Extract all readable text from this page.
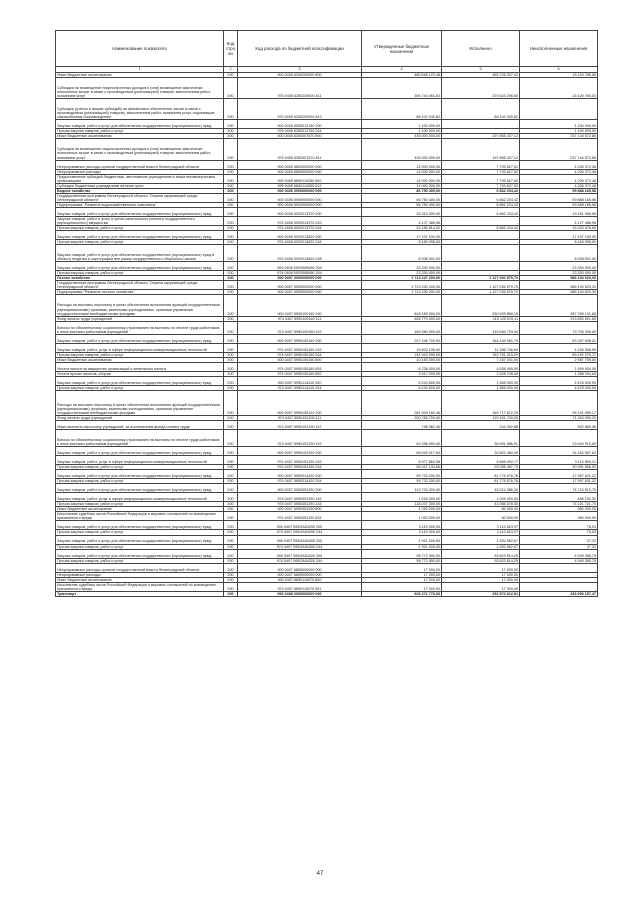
Наименование показателя	Код стро ки	Код расхода по бюджетной классификации	Утвержденные бюджетные назначения	Исполнено	Неисполненные назначения
1	2	3	4	5	6
Иные бюджетные ассигнования	200	000 0405 6350209000 800	480 648 122,48	465 726 337,42	15 120 785,06
Субсидии на возмещение недополученных доходов и (или) возмещение фактически понесенных затрат в связи с производством (реализацией) товаров, выполнением работ, оказанием услуг	200	975 0405 6350209000 811	394 744 061,63	379 623 296,60	15 120 765,03
Субсидии (гранты в форме субсидий) на финансовое обеспечение затрат в связи с производством (реализацией) товаров), выполнением работ, оказанием услуг, подлежащие казначейскому сопровождению	200	975 0405 6350209000 813	86 102 040,82	86 102 040,82	-
Закупка товаров, работ и услуг для обеспечения государственных (муниципальных) нужд	200	000 0405 6350013760 200	1 100 000,00	-	1 100 000,00
Прочая закупка товаров, работ и услуг	200	975 0405 6350013760 244	1 100 000,00	-	1 100 000,00
Иные бюджетные ассигнования	200	000 0405 6350407670 800	435 000 000,00	197 855 427,12	237 144 572,88
Субсидии на возмещение недополученных доходов и (или) возмещение фактически понесенных затрат в связи с производством (реализацией) товаров, выполнением работ, оказанием услуг	200	975 0405 6350407670 811	435 000 000,00	197 855 427,12	237 144 572,88
Непрограммные расходы органов государственной власти Ленинградской области	200	000 0405 6800000000 000	12 000 000,00	7 793 627,52	4 206 372,48
Непрограммные расходы	200	000 0405 6890000000 000	12 000 000,00	7 793 627,52	4 206 372,48
Предоставление субсидий бюджетным, автономным учреждениям и иным некоммерческим организациям	200	000 0405 6890110050 600	12 000 000,00	7 793 627,52	4 206 372,48
Субсидии бюджетным учреждениям на иные цели	200	995 0405 6890110050 612	12 000 000,00	7 793 627,52	4 206 372,48
Водное хозяйство	200	000 0406 0000000000 000	86 750 400,00	6 862 234,42	59 888 165,58
Государственная программа Ленинградской области "Охрана окружающей среды Ленинградской области"	200	000 0406 5900000000 000	66 750 400,00	6 862 234,42	59 888 165,58
Подпрограмма "Развитие водохозяйственного комплекса"	200	000 0406 5920000000 000	66 750 400,00	6 862 234,42	59 888 165,58
Закупка товаров, работ и услуг для обеспечения государственных (муниципальных) нужд	200	000 0406 5920213370 200	26 313 300,00	6 862 234,42	19 451 065,58
Закупка товаров, работ и услуг в целях капитального ремонта государственного (муниципального) имущества	200	974 0406 5920213370 243	4 127 486,96	-	4 127 486,96
Прочая закупка товаров, работ и услуг	200	974 0406 5920213370 244	22 185 814,02	6 862 234,42	15 323 578,60
Закупка товаров, работ и услуг для обеспечения государственных (муниципальных) нужд	200	000 0406 5920213620 200	17 107 100,00	-	17 107 100,00
Прочая закупка товаров, работ и услуг	200	974 0406 5920213620 244	8 169 096,00	-	8 169 096,00
Закупка товаров, работ и услуг для обеспечения государственных (муниципальных) нужд в области геодезии и картографии вне рамок государственного оборонного заказа	200	974 0406 5920213620 248	8 938 001,00	-	8 938 001,00
Закупка товаров, работ и услуг для обеспечения государственных (муниципальных) нужд	200	000 0406 5920S85060 200	23 330 000,00	-	23 330 000,00
Прочая закупка товаров, работ и услуг	200	974 0406 5920S85060 244	23 330 000,00	-	23 330 000,00
Лесное хозяйство	200	000 0407 0000000000 000	1 713 247 200,00	1 127 052 579,70	586 194 620,30
Государственная программа Ленинградской области "Охрана окружающей среды Ленинградской области"	200	000 0407 5900000000 000	1 713 230 200,00	1 127 035 579,70	586 194 620,30
Подпрограмма "Развитие лесного хозяйства"	200	000 0407 5950000000 000	1 713 230 200,00	1 127 035 579,70	586 194 620,30
Расходы на выплаты персоналу в целях обеспечения выполнения функций государственными (муниципальными) органами, казенными учреждениями, органами управления государственными внебюджетными фондами	200	000 0407 5950100160 100	818 189 000,00	530 939 868,15	287 259 131,85
Фонд оплаты труда учреждений	200	974 0407 5950100160 111	628 779 000,00	415 125 576,11	213 653 921,89
Взносы по обязательному социальному страхованию на выплаты по оплате труда работников и иные выплаты работникам учреждений	200	974 0407 5950100160 119	189 380 000,00	115 684 793,94	73 705 206,06
Закупка товаров, работ и услуг для обеспечения государственных (муниципальных) нужд	200	000 0407 5950100160 200	227 446 700,00	164 149 061,79	63 297 638,21
Закупка товаров, работ, услуг в сфере информационно-коммуникационных технологий	200	974 0407 5950100160 242	15 602 105,00	11 396 746,60	4 105 358,50
Прочая закупка товаров, работ и услуг	200	974 0407 5950100160 244	211 943 595,00	152 751 315,29	59 192 279,71
Иные бюджетные ассигнования	200	000 0407 5950100160 800	10 155 000,00	7 167 241,00	2 987 759,00
Уплата налога на имущество организаций и земельного налога	200	974 0407 5950100160 851	6 238 000,00	4 538 495,95	1 699 504,05
Уплата прочих налогов, сборов	200	974 0407 5950100160 852	3 917 000,00	2 628 745,35	1 288 254,65
Закупка товаров, работ и услуг для обеспечения государственных (муниципальных) нужд	200	000 0407 5950114410 200	6 243 600,00	1 565 000,00	4 678 000,00
Прочая закупка товаров, работ и услуг	200	974 0407 5950114410 244	6 243 600,00	1 565 000,00	4 678 000,00
Расходы на выплаты персоналу в целях обеспечения выполнения функций государственными (муниципальными) органами, казенными учреждениями, органами управления государственными внебюджетными фондами	200	000 0407 5950150120 100	261 909 182,46	169 717 622,29	95 191 559,17
Фонд оплаты труда учреждений	200	974 0407 5950151200 111	200 765 700,00	129 451 700,00	71 263 090,20
Иные выплаты персоналу учреждений, за исключением фонда оплаты труда	200	974 0407 5950151290 112	746 962,46	244 092,88	502 869,58
Взносы по обязательному социальному страхованию на выплаты по оплате труда работников и иные выплаты работникам учреждений	200	974 0407 5950151290 119	60 396 500,00	36 991 586,91	23 404 913,09
Закупка товаров, работ и услуг для обеспечения государственных (муниципальных) нужд	200	000 0407 5950151290 200	65 025 017,64	30 822 460,00	34 182 557,64
Закупка товаров, работ, услуг в сфере информационно-коммуникационных технологий	200	974 0407 5950151290 242	8 977 862,98	5 866 992,77	3 110 890,21
Прочая закупка товаров, работ и услуг	200	974 0407 5950151290 244	56 047 134,66	25 055 467,73	30 991 666,93
Закупка товаров, работ и услуг для обеспечения государственных (муниципальных) нужд	200	000 0407 5950314420 200	99 733 200,00	81 775 578,78	17 957 621,22
Прочая закупка товаров, работ и услуг	200	974 0407 5950314420 244	99 733 200,00	81 775 578,78	17 957 621,22
Закупка товаров, работ и услуг для обеспечения государственных (муниципальных) нужд	200	000 0407 5950351290 200	119 726 300,00	45 014 386,30	74 710 913,70
Закупка товаров, работ, услуг в сфере информационно-коммуникационных технологий	200	974 0407 5950351290 242	1 518 000,00	1 029 400,00	488 192,00
Прочая закупка товаров, работ и услуг	200	974 0407 5950351290 244	118 207 300,00	43 985 578,30	74 221 721,70
Иные бюджетные ассигнования	200	000 0407 5950351290 800	1 020 000,00	60 000,00	960 000,00
Исполнение судебных актов Российской Федерации и мировых соглашений по возмещению причиненного вреда	200	974 0407 5950351290 831	1 020 000,00	60 000,00	960 000,00
Закупка товаров, работ и услуг для обеспечения государственных (муниципальных) нужд	200	000 0407 595GA54290 200	3 110 900,00	3 110 823,97	76,03
Прочая закупка товаров, работ и услуг	200	974 0407 595GA54290 244	3 110 900,00	3 110 823,97	76,03
Закупка товаров, работ и услуг для обеспечения государственных (муниципальных) нужд	200	000 0407 595GA54300 200	1 921 000,00	1 920 962,67	37,33
Прочая закупка товаров, работ и услуг	200	974 0407 595GA54300 244	1 921 000,00	1 920 962,67	37,33
Закупка товаров, работ и услуг для обеспечения государственных (муниципальных) нужд	200	000 0407 595GA54320 200	98 772 900,00	93 823 514,25	4 949 385,75
Прочая закупка товаров, работ и услуг	200	974 0407 595GA54320 244	98 772 900,00	93 823 514,25	4 949 385,75
Непрограммные расходы органов государственной власти Ленинградской области	200	000 0407 6800000000 000	17 000,00	17 000,00	-
Непрограммные расходы	200	000 0407 6890000000 000	17 000,00	17 000,00	-
Иные бюджетные ассигнования	200	000 0407 6890110070 800	17 000,00	17 000,00	-
Исполнение судебных актов Российской Федерации и мировых соглашений по возмещению причиненного вреда	200	974 0407 6890110070 831	17 000,00	17 000,00	-
Транспорт	200	000 0408 0000000000 000	626 472 776,06	292 572 612,91	333 900 157,47
47
